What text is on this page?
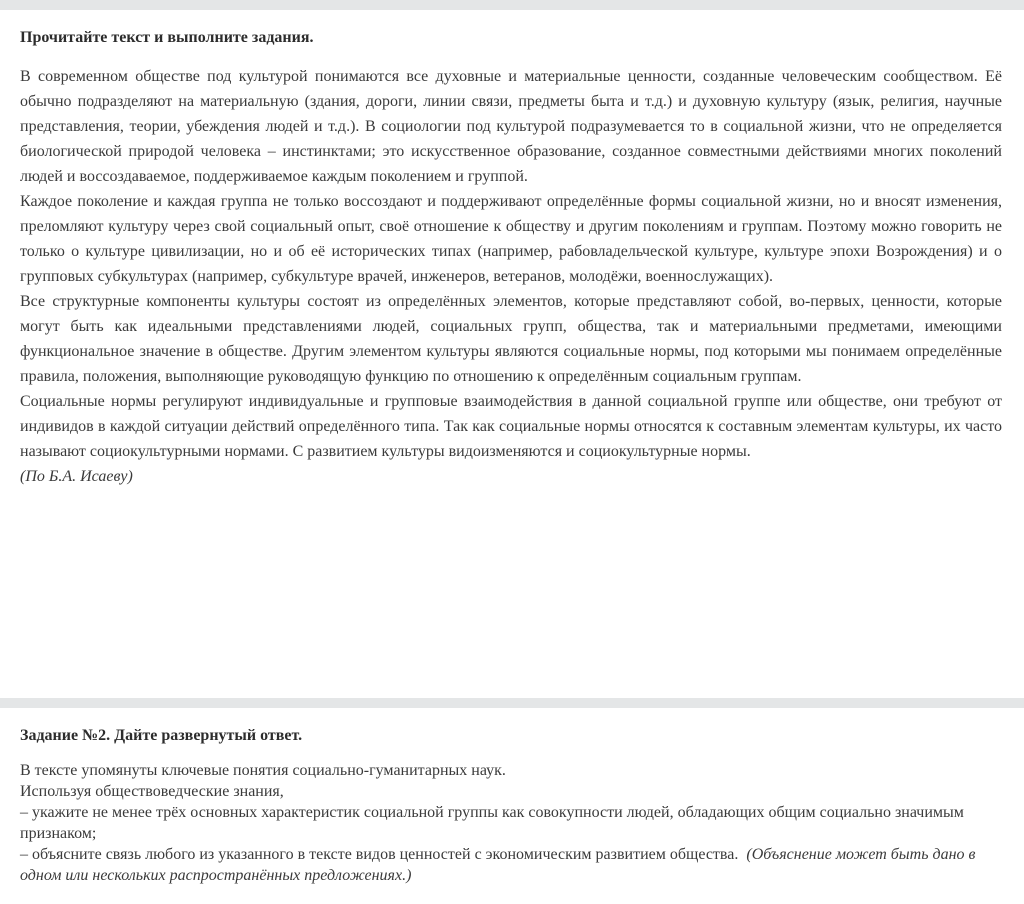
Прочитайте текст и выполните задания.

В современном обществе под культурой понимаются все духовные и материальные ценности, созданные человеческим сообществом. Её обычно подразделяют на материальную (здания, дороги, линии связи, предметы быта и т.д.) и духовную культуру (язык, религия, научные представления, теории, убеждения людей и т.д.). В социологии под культурой подразумевается то в социальной жизни, что не определяется биологической природой человека – инстинктами; это искусственное образование, созданное совместными действиями многих поколений людей и воссоздаваемое, поддерживаемое каждым поколением и группой.

Каждое поколение и каждая группа не только воссоздают и поддерживают определённые формы социальной жизни, но и вносят изменения, преломляют культуру через свой социальный опыт, своё отношение к обществу и другим поколениям и группам. Поэтому можно говорить не только о культуре цивилизации, но и об её исторических типах (например, рабовладельческой культуре, культуре эпохи Возрождения) и о групповых субкультурах (например, субкультуре врачей, инженеров, ветеранов, молодёжи, военнослужащих).

Все структурные компоненты культуры состоят из определённых элементов, которые представляют собой, во-первых, ценности, которые могут быть как идеальными представлениями людей, социальных групп, общества, так и материальными предметами, имеющими функциональное значение в обществе. Другим элементом культуры являются социальные нормы, под которыми мы понимаем определённые правила, положения, выполняющие руководящую функцию по отношению к определённым социальным группам.

Социальные нормы регулируют индивидуальные и групповые взаимодействия в данной социальной группе или обществе, они требуют от индивидов в каждой ситуации действий определённого типа. Так как социальные нормы относятся к составным элементам культуры, их часто называют социокультурными нормами. С развитием культуры видоизменяются и социокультурные нормы.

(По Б.А. Исаеву)

Задание №2. Дайте развернутый ответ.

В тексте упомянуты ключевые понятия социально-гуманитарных наук.

Используя обществоведческие знания,

– укажите не менее трёх основных характеристик социальной группы как совокупности людей, обладающих общим социально значимым признаком;

– объясните связь любого из указанного в тексте видов ценностей с экономическим развитием общества. (Объяснение может быть дано в одном или нескольких распространённых предложениях.)
